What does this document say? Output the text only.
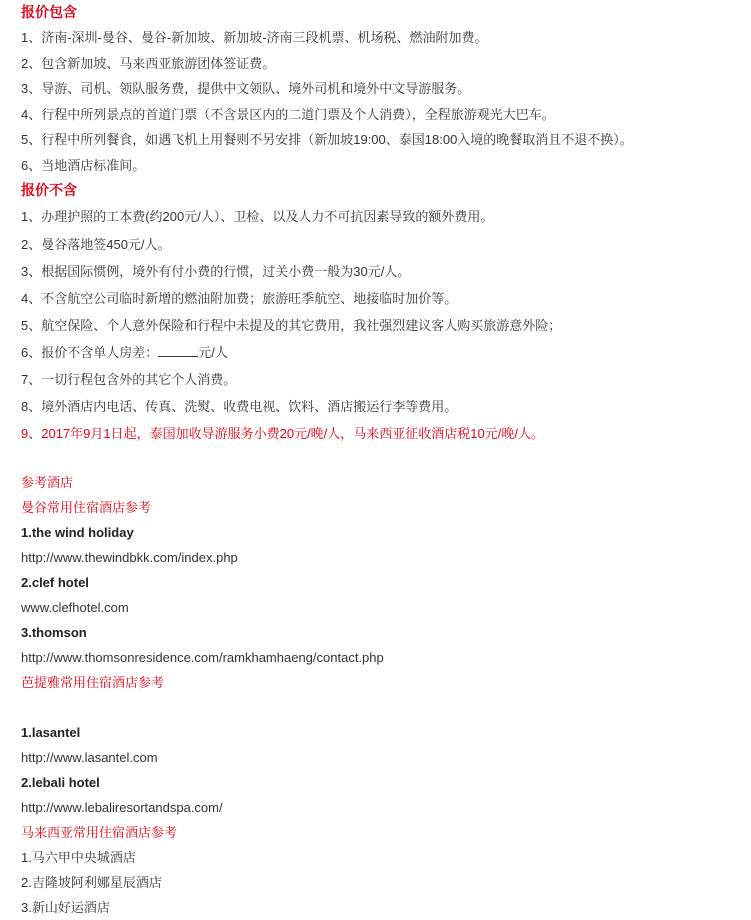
报价包含
1、济南-深圳-曼谷、曼谷-新加坡、新加坡-济南三段机票、机场税、燃油附加费。
2、包含新加坡、马来西亚旅游团体签证费。
3、导游、司机、领队服务费，提供中文领队、境外司机和境外中文导游服务。
4、行程中所列景点的首道门票（不含景区内的二道门票及个人消费），全程旅游观光大巴车。
5、行程中所列餐食，如遇飞机上用餐则不另安排（新加坡19:00、泰国18:00入境的晚餐取消且不退不换）。
6、当地酒店标准间。
报价不含
1、办理护照的工本费(约200元/人）、卫检、以及人力不可抗因素导致的额外费用。
2、曼谷落地签450元/人。
3、根据国际惯例，境外有付小费的行惯，过关小费一般为30元/人。
4、不含航空公司临时新增的燃油附加费；旅游旺季航空、地接临时加价等。
5、航空保险、个人意外保险和行程中未提及的其它费用，我社强烈建议客人购买旅游意外险；
6、报价不含单人房差：	元/人
7、一切行程包含外的其它个人消费。
8、境外酒店内电话、传真、洗熨、收费电视、饮料、酒店搬运行李等费用。
9、2017年9月1日起，泰国加收导游服务小费20元/晚/人，马来西亚征收酒店税10元/晚/人。
参考酒店
曼谷常用住宿酒店参考
1.the wind holiday
http://www.thewindbkk.com/index.php
2.clef hotel
www.clefhotel.com
3.thomson
http://www.thomsonresidence.com/ramkhamhaeng/contact.php
芭提雅常用住宿酒店参考
1.lasantel
http://www.lasantel.com
2.lebali hotel
http://www.lebaliresortandspa.com/
马来西亚常用住宿酒店参考
1.马六甲中央城酒店
2.吉隆坡阿利娜星辰酒店
3.新山好运酒店
